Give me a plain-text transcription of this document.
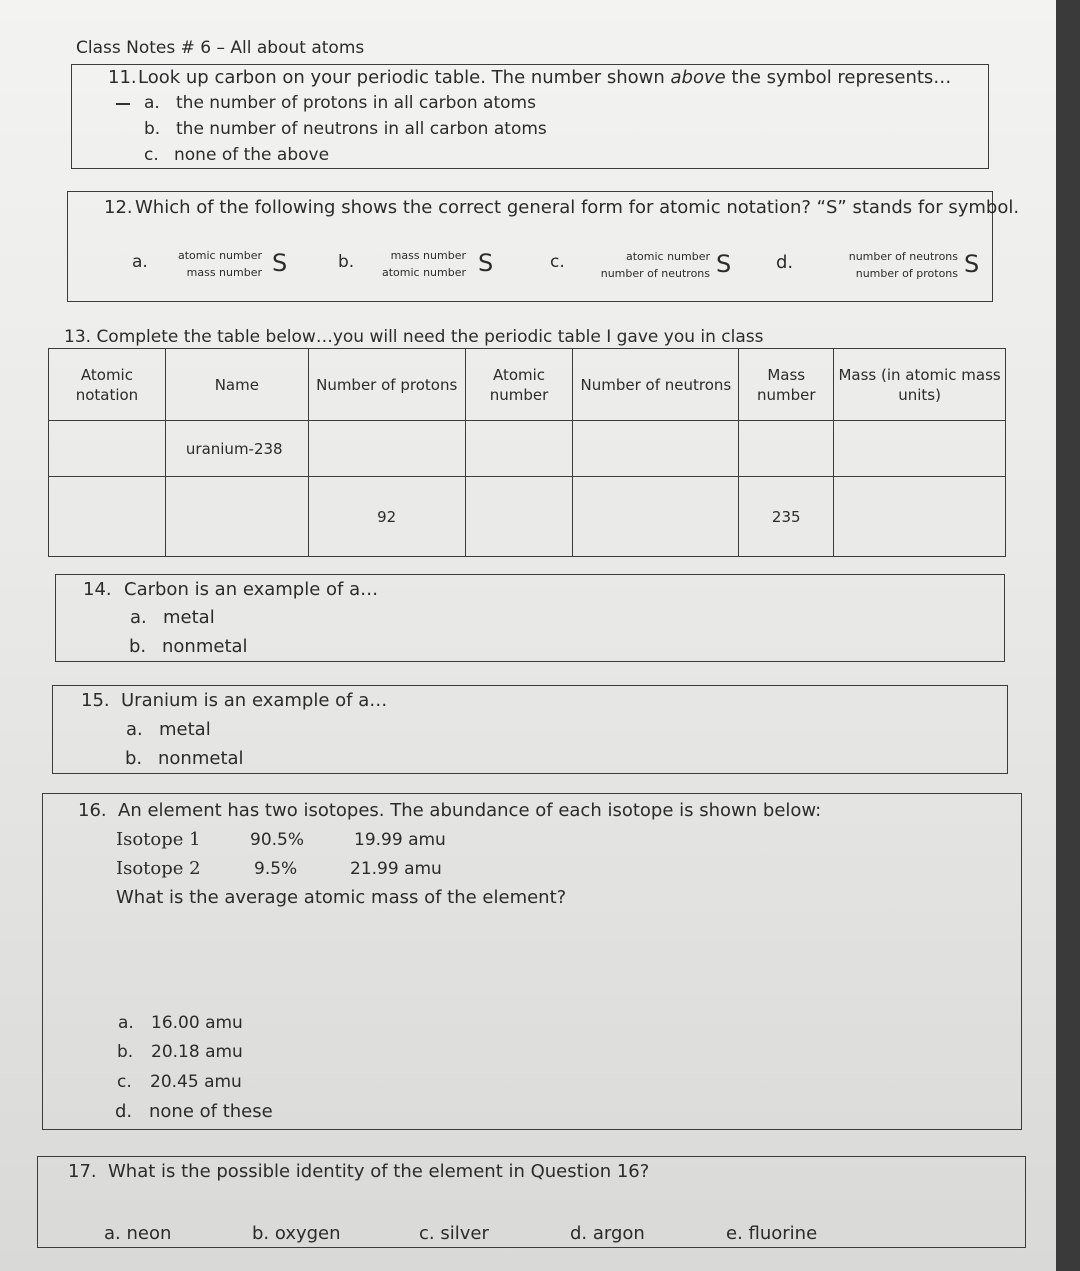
Class Notes # 6 – All about atoms
11. Look up carbon on your periodic table. The number shown above the symbol represents…
a. the number of protons in all carbon atoms
b. the number of neutrons in all carbon atoms
c. none of the above
12. Which of the following shows the correct general form for atomic notation? “S” stands for symbol.
a.	atomic number
mass number S	b.	mass number
atomic number S	c.	atomic number
number of neutrons S d.	number of neutrons
number of protons S
13. Complete the table below…you will need the periodic table I gave you in class
Atomic notation	Name	Number of protons	Atomic number	Number of neutrons	Mass number	Mass (in atomic mass units)
	uranium-238					
		92			235	
14. Carbon is an example of a…
a. metal
b. nonmetal
15. Uranium is an example of a…
a. metal
b. nonmetal
16. An element has two isotopes. The abundance of each isotope is shown below:
Isotope 1	90.5%	19.99 amu
Isotope 2	9.5%	21.99 amu
What is the average atomic mass of the element?
a. 16.00 amu
b. 20.18 amu
c. 20.45 amu
d. none of these
17. What is the possible identity of the element in Question 16?
a. neon	b. oxygen	c. silver	d. argon	e. fluorine
